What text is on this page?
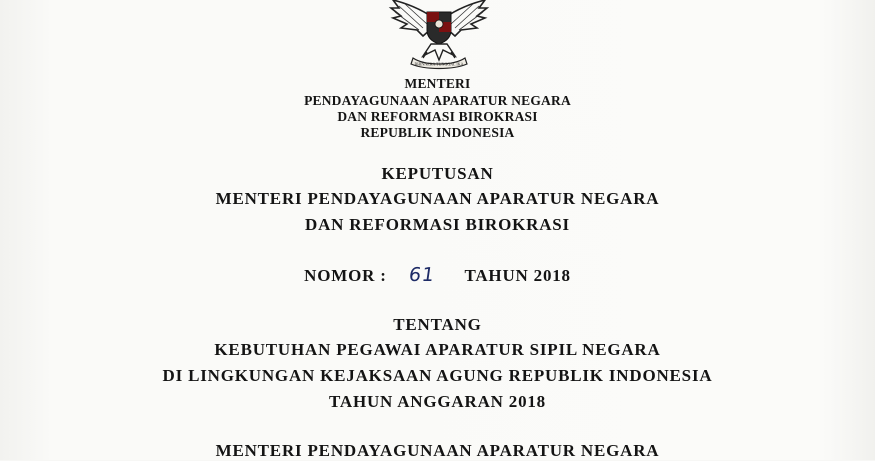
BHINNEKA TUNGGAL IKA
MENTERI
PENDAYAGUNAAN APARATUR NEGARA
DAN REFORMASI BIROKRASI
REPUBLIK INDONESIA
KEPUTUSAN
MENTERI PENDAYAGUNAAN APARATUR NEGARA
DAN REFORMASI BIROKRASI
NOMOR : 61 TAHUN 2018
TENTANG
KEBUTUHAN PEGAWAI APARATUR SIPIL NEGARA
DI LINGKUNGAN KEJAKSAAN AGUNG REPUBLIK INDONESIA
TAHUN ANGGARAN 2018
MENTERI PENDAYAGUNAAN APARATUR NEGARA
